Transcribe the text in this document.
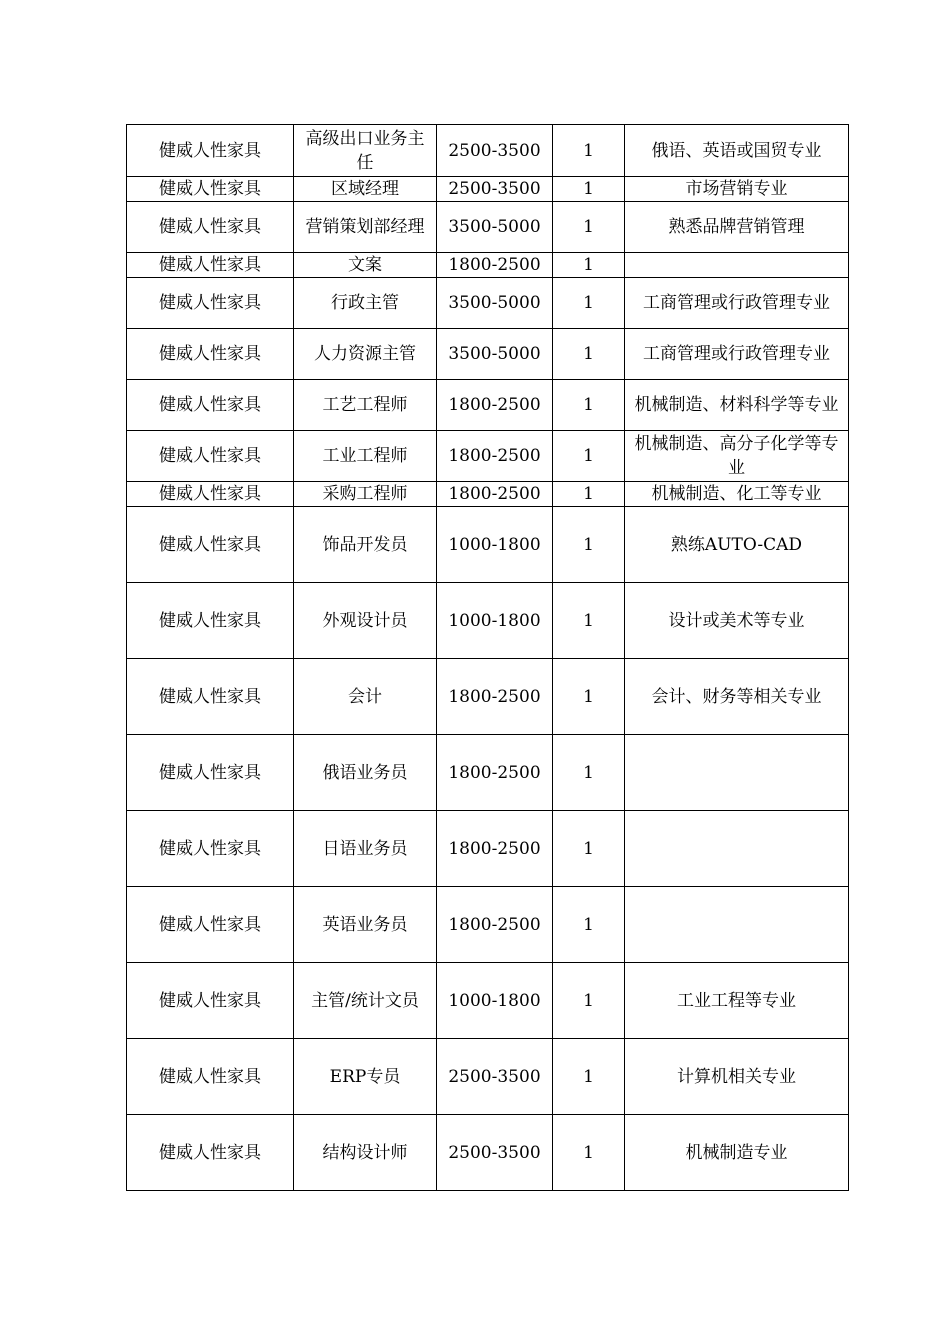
健威人性家具	高级出口业务主任	2500-3500	1	俄语、英语或国贸专业
健威人性家具	区域经理	2500-3500	1	市场营销专业
健威人性家具	营销策划部经理	3500-5000	1	熟悉品牌营销管理
健威人性家具	文案	1800-2500	1	
健威人性家具	行政主管	3500-5000	1	工商管理或行政管理专业
健威人性家具	人力资源主管	3500-5000	1	工商管理或行政管理专业
健威人性家具	工艺工程师	1800-2500	1	机械制造、材料科学等专业
健威人性家具	工业工程师	1800-2500	1	机械制造、高分子化学等专业
健威人性家具	采购工程师	1800-2500	1	机械制造、化工等专业
健威人性家具	饰品开发员	1000-1800	1	熟练AUTO-CAD
健威人性家具	外观设计员	1000-1800	1	设计或美术等专业
健威人性家具	会计	1800-2500	1	会计、财务等相关专业
健威人性家具	俄语业务员	1800-2500	1	
健威人性家具	日语业务员	1800-2500	1	
健威人性家具	英语业务员	1800-2500	1	
健威人性家具	主管/统计文员	1000-1800	1	工业工程等专业
健威人性家具	ERP专员	2500-3500	1	计算机相关专业
健威人性家具	结构设计师	2500-3500	1	机械制造专业
